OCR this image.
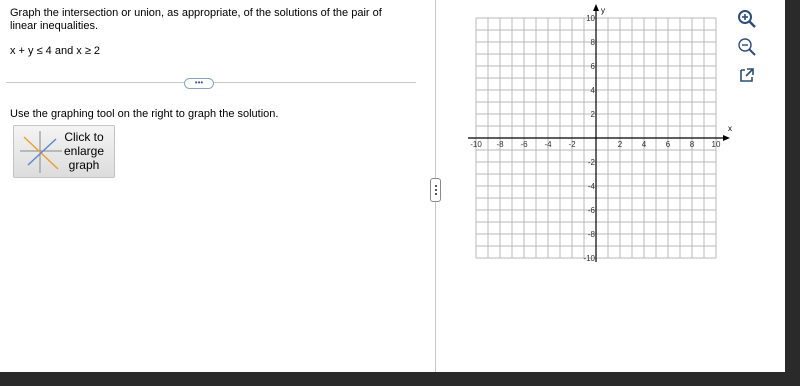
Graph the intersection or union, as appropriate, of the solutions of the pair of linear inequalities.
x + y ≤ 4 and x ≥ 2
•••
Use the graphing tool on the right to graph the solution.
Click to enlarge graph
x
y
-10 -8 -6 -4 -2	2 4 6 8 10
10
8
6
4
2
-2
-4
-6
-8
-10
